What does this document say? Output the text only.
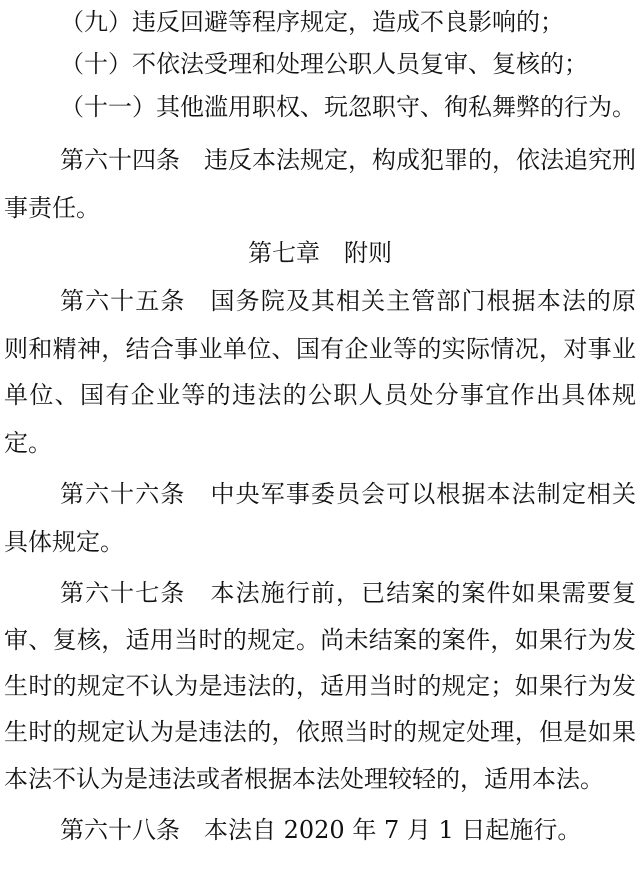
（九）违反回避等程序规定，造成不良影响的；
（十）不依法受理和处理公职人员复审、复核的；
（十一）其他滥用职权、玩忽职守、徇私舞弊的行为。
第六十四条 违反本法规定，构成犯罪的，依法追究刑
事责任。
第七章　附则
第六十五条 国务院及其相关主管部门根据本法的原
则和精神，结合事业单位、国有企业等的实际情况，对事业
单位、国有企业等的违法的公职人员处分事宜作出具体规
定。
第六十六条 中央军事委员会可以根据本法制定相关
具体规定。
第六十七条 本法施行前，已结案的案件如果需要复
审、复核，适用当时的规定。尚未结案的案件，如果行为发
生时的规定不认为是违法的，适用当时的规定；如果行为发
生时的规定认为是违法的，依照当时的规定处理，但是如果
本法不认为是违法或者根据本法处理较轻的，适用本法。
第六十八条 本法自 2020 年 7 月 1 日起施行。
